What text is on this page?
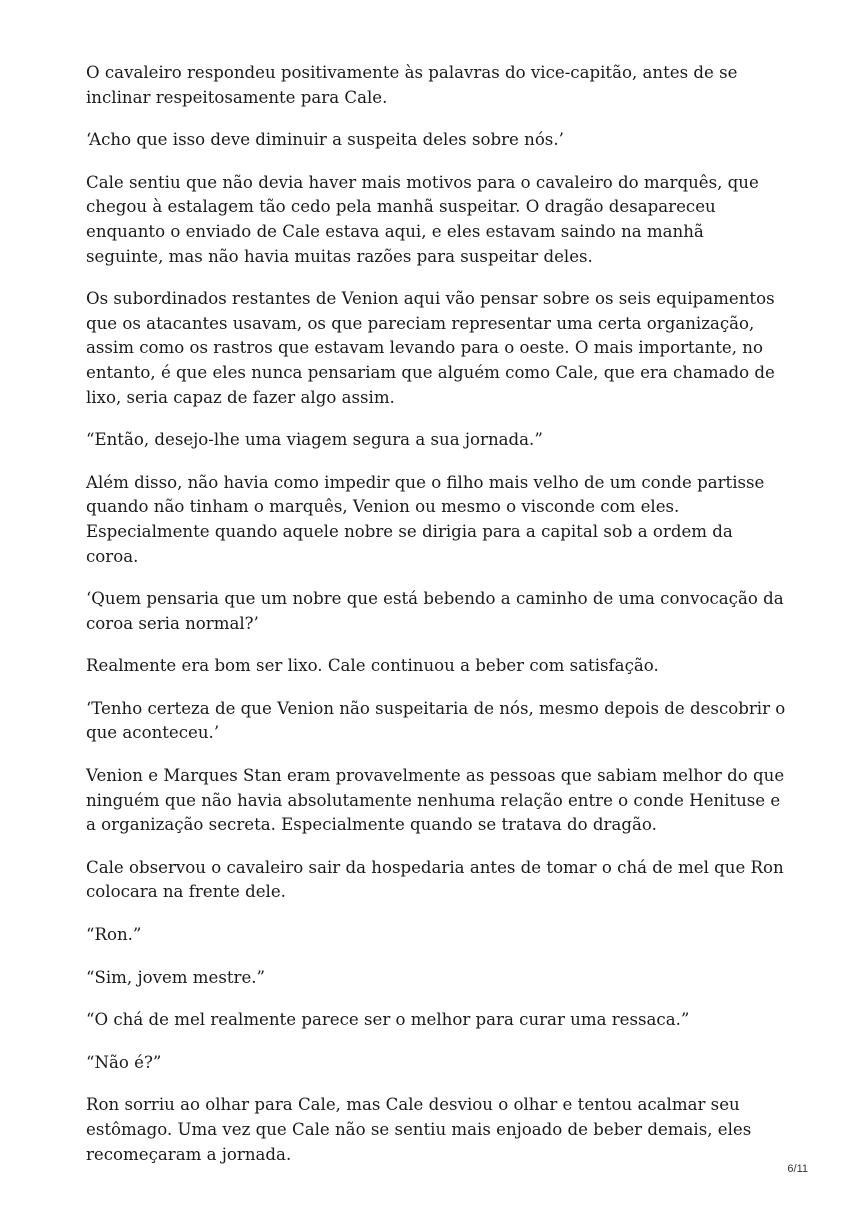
O cavaleiro respondeu positivamente às palavras do vice-capitão, antes de se inclinar respeitosamente para Cale.

‘Acho que isso deve diminuir a suspeita deles sobre nós.’

Cale sentiu que não devia haver mais motivos para o cavaleiro do marquês, que chegou à estalagem tão cedo pela manhã suspeitar. O dragão desapareceu enquanto o enviado de Cale estava aqui, e eles estavam saindo na manhã seguinte, mas não havia muitas razões para suspeitar deles.

Os subordinados restantes de Venion aqui vão pensar sobre os seis equipamentos que os atacantes usavam, os que pareciam representar uma certa organização, assim como os rastros que estavam levando para o oeste. O mais importante, no entanto, é que eles nunca pensariam que alguém como Cale, que era chamado de lixo, seria capaz de fazer algo assim.

“Então, desejo-lhe uma viagem segura a sua jornada.”

Além disso, não havia como impedir que o filho mais velho de um conde partisse quando não tinham o marquês, Venion ou mesmo o visconde com eles. Especialmente quando aquele nobre se dirigia para a capital sob a ordem da coroa.

‘Quem pensaria que um nobre que está bebendo a caminho de uma convocação da coroa seria normal?’

Realmente era bom ser lixo. Cale continuou a beber com satisfação.

‘Tenho certeza de que Venion não suspeitaria de nós, mesmo depois de descobrir o que aconteceu.’

Venion e Marques Stan eram provavelmente as pessoas que sabiam melhor do que ninguém que não havia absolutamente nenhuma relação entre o conde Henituse e a organização secreta. Especialmente quando se tratava do dragão.

Cale observou o cavaleiro sair da hospedaria antes de tomar o chá de mel que Ron colocara na frente dele.

“Ron.”

“Sim, jovem mestre.”

“O chá de mel realmente parece ser o melhor para curar uma ressaca.”

“Não é?”

Ron sorriu ao olhar para Cale, mas Cale desviou o olhar e tentou acalmar seu estômago. Uma vez que Cale não se sentiu mais enjoado de beber demais, eles recomeçaram a jornada.

6/11
